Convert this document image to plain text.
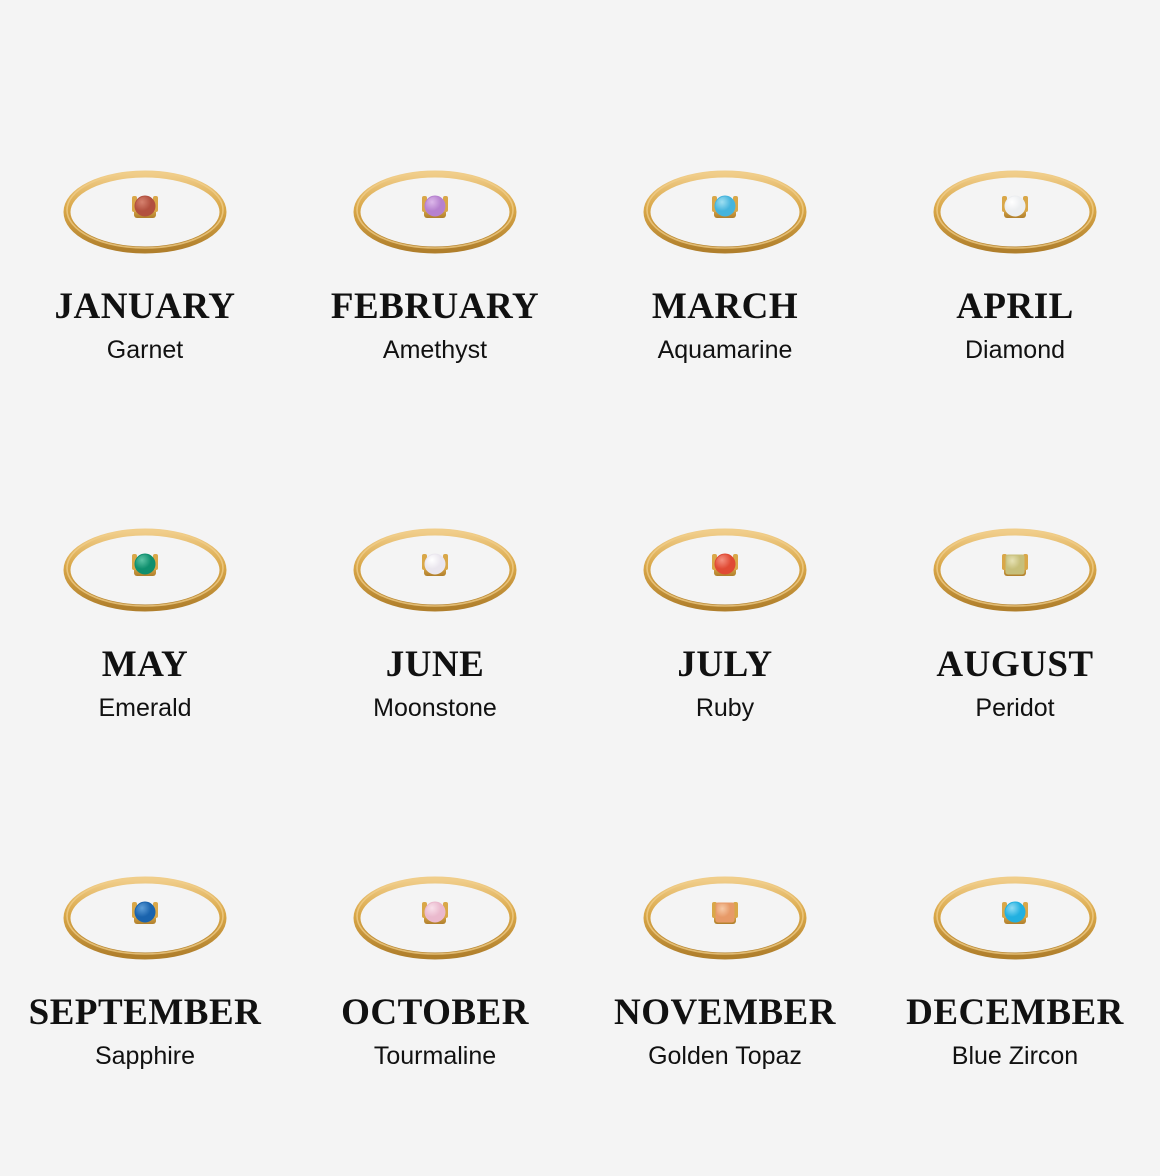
JANUARY
Garnet
FEBRUARY
Amethyst
MARCH
Aquamarine
APRIL
Diamond
MAY
Emerald
JUNE
Moonstone
JULY
Ruby
AUGUST
Peridot
SEPTEMBER
Sapphire
OCTOBER
Tourmaline
NOVEMBER
Golden Topaz
DECEMBER
Blue Zircon
